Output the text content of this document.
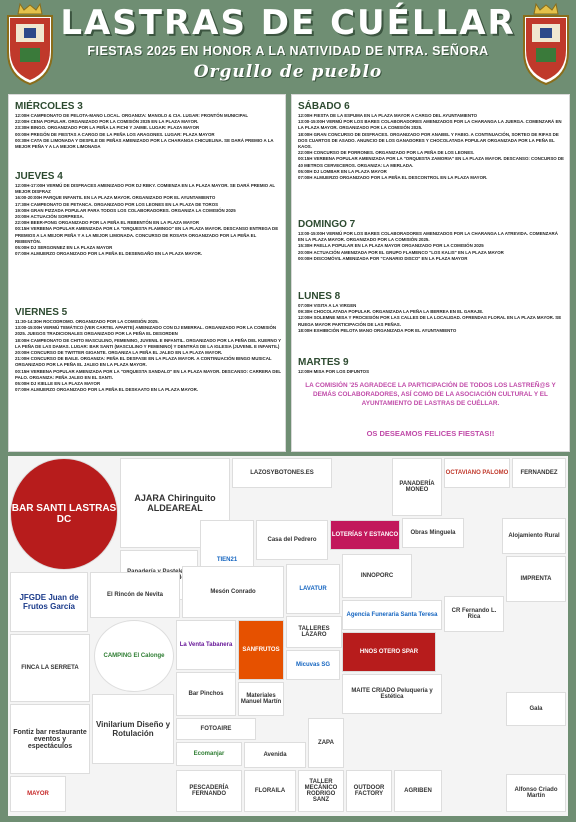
LASTRAS DE CUÉLLAR
FIESTAS 2025 EN HONOR A LA NATIVIDAD DE NTRA. SEÑORA
Orgullo de pueblo

MIÉRCOLES 3

12:00H CAMPEONATO DE PELOTA-MANO LOCAL. ORGANIZA: MANOLO & CIA. LUGAR: FRONTÓN MUNICIPAL

22:00H CENA POPULAR. ORGANIZADO POR LA COMISIÓN 2025 EN LA PLAZA MAYOR.

23:30H BINGO. ORGANIZADO POR LA PEÑA LA PICHI Y JAIME. LUGAR: PLAZA MAYOR

00:00H PREGÓN DE FIESTAS A CARGO DE LA PEÑA LOS ARAGONES. LUGAR: PLAZA MAYOR

00:30H CATA DE LIMONADA Y DESFILE DE PEÑAS AMENIZADO POR LA CHARANGA CHICUELINA. SE DARÁ PREMIO A LA MEJOR PEÑA Y A LA MEJOR LIMONADA

JUEVES 4

12:00H-17:00H VERMÚ DE DISFRACES AMENIZADO POR DJ RBKY. COMIENZA EN LA PLAZA MAYOR. SE DARÁ PREMIO AL MEJOR DISFRAZ

16:00-20:00H PARQUE INFANTIL EN LA PLAZA MAYOR. ORGANIZADO POR EL AYUNTAMIENTO

17:30H CAMPEONATO DE PETANCA. ORGANIZADO POR LOS LEONES EN LA PLAZA DE TOROS

19:00H GRAN PIZZADA POPULAR PARA TODOS LOS COLABORADORES. ORGANIZA LA COMISIÓN 2025

20:00H ACTUACIÓN SORPRESA.

22:00H BEER-PONG ORGANIZADO POR LA PEÑA EL REBENTÓN EN LA PLAZA MAYOR

00:15H VERBENA POPULAR AMENIZADA POR LA "ORQUESTA FLAMINGO" EN LA PLAZA MAYOR. DESCANSO ENTREGA DE PREMIOS A LA MEJOR PEÑA Y A LA MEJOR LIMONADA. CONCURSO DE ROSATA ORGANIZADO POR LA PEÑA EL REBENTÓN.

05:00H DJ SERGONNEZ EN LA PLAZA MAYOR

07:00H ALMUERZO ORGANIZADO POR LA PEÑA EL DESENGAÑO EN LA PLAZA MAYOR.

VIERNES 5

11:30-14:30H ROCODROMO. ORGANIZADO POR LA COMISIÓN 2025.

13:00-15:00H VERMÚ TEMÁTICO (VER CARTEL APARTE) AMENIZADO CON DJ EMERRAL. ORGANIZADO POR LA COMISIÓN 2025. JUEGOS TRADICIONALES ORGANIZADO POR LA PEÑA EL DESORDEN

18:00H CAMPEONATO DE CHITO MASCULINO, FEMENINO, JUVENIL E INFANTIL. ORGANIZADO POR LA PEÑA DEL KUERNO Y LA PEÑA DE LAS DAMAS. LUGAR: BAR SANTI (MASCULINO Y FEMENINO) Y DENTRÁS DE LA IGLESIA (JUVENIL E INFANTIL)

20:00H CONCURSO DE TWITTER GIGANTE. ORGANIZA LA PEÑA EL JALEO EN LA PLAZA MAYOR.

21:00H CONCURSO DE BAILE. ORGANIZA: PEÑA EL DESFASE EN LA PLAZA MAYOR. A CONTINUACIÓN BINGO MUSICAL ORGANIZADO POR LA PEÑA EL JALEO EN LA PLAZA MAYOR.

00:15H VERBENA POPULAR AMENIZADA POR LA "ORQUESTA SANDALO" EN LA PLAZA MAYOR. DESCANSO: CARRERA DEL PALO. ORGANIZA: PEÑA JALEO EN EL SANTI.

05:00H DJ KIELLE EN LA PLAZA MAYOR

07:00H ALMUERZO ORGANIZADO POR LA PEÑA EL DESKAATO EN LA PLAZA MAYOR.

SÁBADO 6

12:00H FIESTA DE LA ESPUMA EN LA PLAZA MAYOR A CARGO DEL AYUNTAMIENTO

13:00-15:00H VERMÚ POR LOS BARES COLABORADORES AMENIZADOS POR LA CHARANGA LA JUERGA. COMENZARÁ EN LA PLAZA MAYOR. ORGANIZADO POR LA COMISIÓN 2025.

18:00H GRAN CONCURSO DE DISFRACES. ORGANIZADO POR ANABEL Y FABIO. A CONTINUACIÓN, SORTEO DE RIFAS DE DOS CUARTOS DE ASADO. ANUNCIO DE LOS GANADORES Y CHOCOLATADA POPULAR ORGANIZADA POR LA PEÑA EL KAOS.

22:00H CONCURSO DE PORRONES. ORGANIZADO POR LA PEÑA DE LOS LEONES.

00:15H VERBENA POPULAR AMENIZADA POR LA "ORQUESTA ZAMORIA" EN LA PLAZA MAYOR. DESCANSO: CONCURSO DE 40 METROS CERVECEROS. ORGANIZA: LA MERLADA.

05:00H DJ LOMBAR EN LA PLAZA MAYOR

07:00H ALMUERZO ORGANIZADO POR LA PEÑA EL DESCONTROL EN LA PLAZA MAYOR.

DOMINGO 7

13:00-15:00H VERMÚ POR LOS BARES COLABORADORES AMENIZADOS POR LA CHARANGA LA ATREVIDA. COMENZARÁ EN LA PLAZA MAYOR. ORGANIZADO POR LA COMISIÓN 2025.

15:30H PAELLA POPULAR EN LA PLAZA MAYOR ORGANIZADO POR LA COMISIÓN 2025

20:00H ACTUACIÓN AMENIZADA POR EL GRUPO FLAMENCO "LOS KALIS" EN LA PLAZA MAYOR

00:00H DISCOMÓVIL AMENIZADA POR "CANARIO DISCO" EN LA PLAZA MAYOR

LUNES 8

07:00H VISITA A LA VIRGEN

09:30H CHOCOLATADA POPULAR. ORGANIZADA LA PEÑA LA BERREA EN EL GARAJE.

12:00H SOLEMNE MISA Y PROCESIÓN POR LAS CALLES DE LA LOCALIDAD. OFRENDAS FLORAL EN LA PLAZA MAYOR. SE RUEGA MAYOR PARTICIPACIÓN DE LAS PEÑAS.

18:00H EXHIBICIÓN PELOTA MANO ORGANIZADA POR EL AYUNTAMIENTO

MARTES 9

12:00H MISA POR LOS DIFUNTOS

LA COMISIÓN '25 AGRADECE LA PARTICIPACIÓN DE TODOS LOS LASTREÑ@S Y DEMÁS COLABORADORES, ASÍ COMO DE LA ASOCIACIÓN CULTURAL Y EL AYUNTAMIENTO DE LASTRAS DE CUÉLLAR.
OS DESEAMOS FELICES FIESTAS!!
BAR SANTI LASTRAS DC
AJARA Chiringuito ALDEAREAL
LAZOSYBOTONES.ES
PANADERÍA MONEO
OCTAVIANO PALOMO	FERNANDEZ
TIEN21
Casa del Pedrero
LOTERÍAS Y ESTANCO	Obras Minguela	Alojamiento Rural
JFGDE Juan de Frutos García
El Rincón de Nevita	Mesón Conrado	LAVATUR
INNOPORC
Agencia Funeraria Santa Teresa
CR Fernando L. Rica
IMPRENTA
CAMPING El Calonge
La Venta Tabanera
SANFRUTOS
TALLERES LÁZARO
Micuvas SG
HNOS OTERO SPAR
FINCA LA SERRETA
Bar Pinchos	Materiales Manuel Martín
MAITE CRIADO Peluquería y Estética
Gala
Fontiz bar restaurante eventos y espectáculos
Vinilarium Diseño y Rotulación	FOTOAIRE
Ecomanjar	Avenida
ZAPA
MAYOR
PESCADERÍA FERNANDO	FLORAILA
TALLER MECÁNICO RODRIGO SANZ
OUTDOOR FACTORY	AGRIBEN	Alfonso Criado Martín
